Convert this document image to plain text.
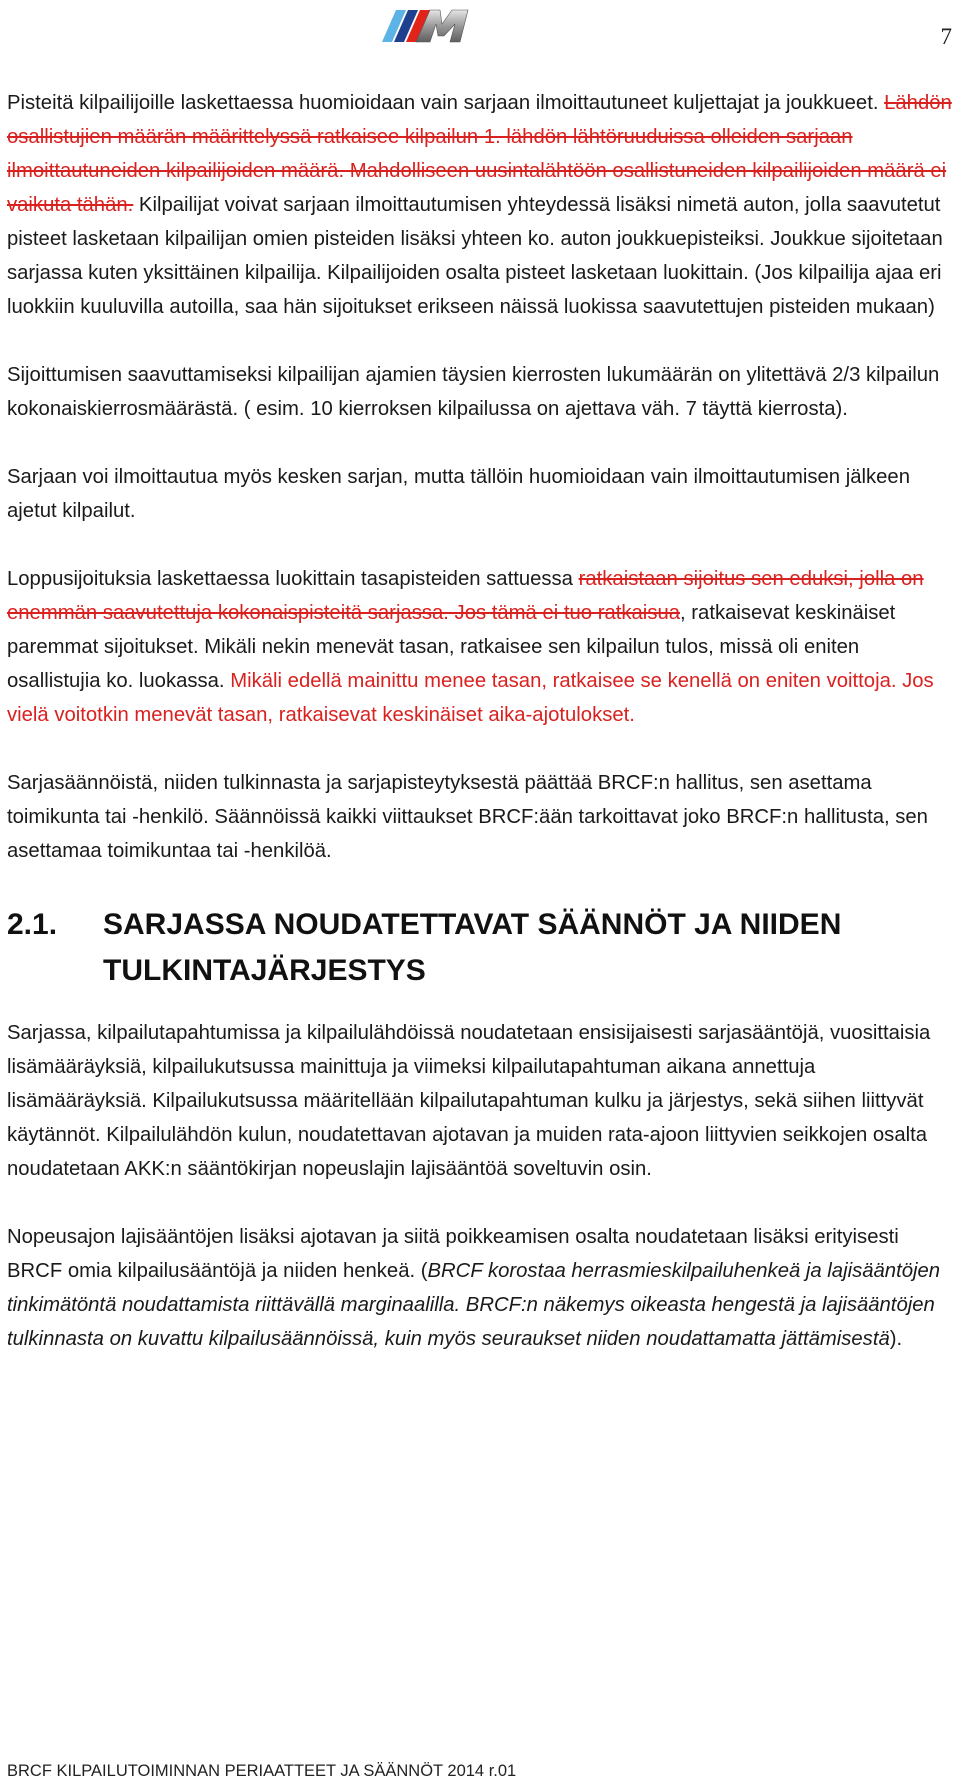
7

Pisteitä kilpailijoille laskettaessa huomioidaan vain sarjaan ilmoittautuneet kuljettajat ja joukkueet. Lähdön osallistujien määrän määrittelyssä ratkaisee kilpailun 1. lähdön lähtöruuduissa olleiden sarjaan ilmoittautuneiden kilpailijoiden määrä. Mahdolliseen uusintalähtöön osallistuneiden kilpailijoiden määrä ei vaikuta tähän. Kilpailijat voivat sarjaan ilmoittautumisen yhteydessä lisäksi nimetä auton, jolla saavutetut pisteet lasketaan kilpailijan omien pisteiden lisäksi yhteen ko. auton joukkuepisteiksi. Joukkue sijoitetaan sarjassa kuten yksittäinen kilpailija. Kilpailijoiden osalta pisteet lasketaan luokittain. (Jos kilpailija ajaa eri luokkiin kuuluvilla autoilla, saa hän sijoitukset erikseen näissä luokissa saavutettujen pisteiden mukaan)

Sijoittumisen saavuttamiseksi kilpailijan ajamien täysien kierrosten lukumäärän on ylitettävä 2/3 kilpailun kokonaiskierrosmäärästä. ( esim. 10 kierroksen kilpailussa on ajettava väh. 7 täyttä kierrosta).

Sarjaan voi ilmoittautua myös kesken sarjan, mutta tällöin huomioidaan vain ilmoittautumisen jälkeen ajetut kilpailut.

Loppusijoituksia laskettaessa luokittain tasapisteiden sattuessa ratkaistaan sijoitus sen eduksi, jolla on enemmän saavutettuja kokonaispisteitä sarjassa. Jos tämä ei tuo ratkaisua, ratkaisevat keskinäiset paremmat sijoitukset. Mikäli nekin menevät tasan, ratkaisee sen kilpailun tulos, missä oli eniten osallistujia ko. luokassa. Mikäli edellä mainittu menee tasan, ratkaisee se kenellä on eniten voittoja. Jos vielä voitotkin menevät tasan, ratkaisevat keskinäiset aika-ajotulokset.

Sarjasäännöistä, niiden tulkinnasta ja sarjapisteytyksestä päättää BRCF:n hallitus, sen asettama toimikunta tai -henkilö. Säännöissä kaikki viittaukset BRCF:ään tarkoittavat joko BRCF:n hallitusta, sen asettamaa toimikuntaa tai -henkilöä.

2.1.	SARJASSA NOUDATETTAVAT SÄÄNNÖT JA NIIDEN TULKINTAJÄRJESTYS

Sarjassa, kilpailutapahtumissa ja kilpailulähdöissä noudatetaan ensisijaisesti sarjasääntöjä, vuosittaisia lisämääräyksiä, kilpailukutsussa mainittuja ja viimeksi kilpailutapahtuman aikana annettuja lisämääräyksiä. Kilpailukutsussa määritellään kilpailutapahtuman kulku ja järjestys, sekä siihen liittyvät käytännöt. Kilpailulähdön kulun, noudatettavan ajotavan ja muiden rata-ajoon liittyvien seikkojen osalta noudatetaan AKK:n sääntökirjan nopeuslajin lajisääntöä soveltuvin osin.

Nopeusajon lajisääntöjen lisäksi ajotavan ja siitä poikkeamisen osalta noudatetaan lisäksi erityisesti BRCF omia kilpailusääntöjä ja niiden henkeä. (BRCF korostaa herrasmieskilpailuhenkeä ja lajisääntöjen tinkimätöntä noudattamista riittävällä marginaalilla. BRCF:n näkemys oikeasta hengestä ja lajisääntöjen tulkinnasta on kuvattu kilpailusäännöissä, kuin myös seuraukset niiden noudattamatta jättämisestä).

BRCF KILPAILUTOIMINNAN PERIAATTEET JA SÄÄNNÖT 2014 r.01
